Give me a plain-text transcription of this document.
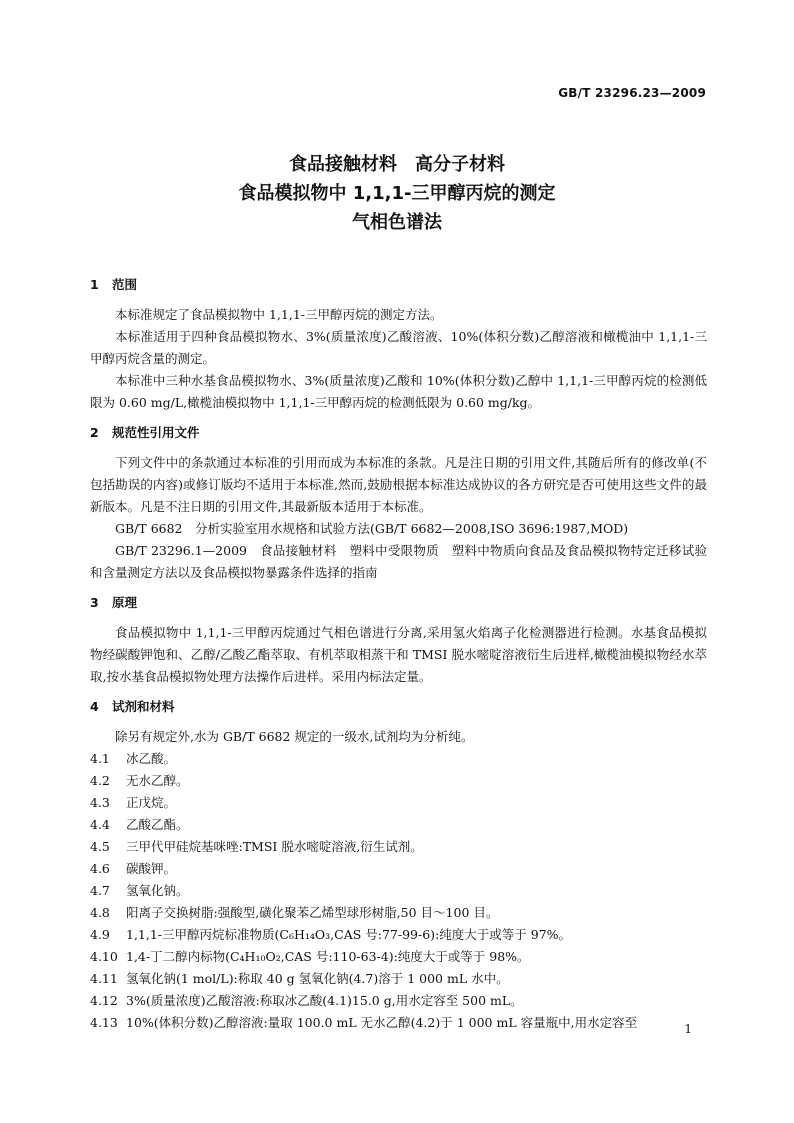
GB/T 23296.23—2009
食品接触材料　高分子材料
食品模拟物中 1,1,1-三甲醇丙烷的测定
气相色谱法
1 范围

本标准规定了食品模拟物中 1,1,1-三甲醇丙烷的测定方法。

本标准适用于四种食品模拟物水、3%(质量浓度)乙酸溶液、10%(体积分数)乙醇溶液和橄榄油中 1,1,1-三甲醇丙烷含量的测定。

本标准中三种水基食品模拟物水、3%(质量浓度)乙酸和 10%(体积分数)乙醇中 1,1,1-三甲醇丙烷的检测低限为 0.60 mg/L,橄榄油模拟物中 1,1,1-三甲醇丙烷的检测低限为 0.60 mg/kg。

2 规范性引用文件

下列文件中的条款通过本标准的引用而成为本标准的条款。凡是注日期的引用文件,其随后所有的修改单(不包括勘误的内容)或修订版均不适用于本标准,然而,鼓励根据本标准达成协议的各方研究是否可使用这些文件的最新版本。凡是不注日期的引用文件,其最新版本适用于本标准。

GB/T 6682　分析实验室用水规格和试验方法(GB/T 6682—2008,ISO 3696:1987,MOD)

GB/T 23296.1—2009　食品接触材料　塑料中受限物质　塑料中物质向食品及食品模拟物特定迁移试验和含量测定方法以及食品模拟物暴露条件选择的指南

3 原理

食品模拟物中 1,1,1-三甲醇丙烷通过气相色谱进行分离,采用氢火焰离子化检测器进行检测。水基食品模拟物经碳酸钾饱和、乙醇/乙酸乙酯萃取、有机萃取相蒸干和 TMSI 脱水嘧啶溶液衍生后进样,橄榄油模拟物经水萃取,按水基食品模拟物处理方法操作后进样。采用内标法定量。

4 试剂和材料

除另有规定外,水为 GB/T 6682 规定的一级水,试剂均为分析纯。

4.1 冰乙酸。

4.2 无水乙醇。

4.3 正戊烷。

4.4 乙酸乙酯。

4.5 三甲代甲硅烷基咪唑:TMSI 脱水嘧啶溶液,衍生试剂。

4.6 碳酸钾。

4.7 氢氧化钠。

4.8 阳离子交换树脂:强酸型,磺化聚苯乙烯型球形树脂,50 目～100 目。

4.9 1,1,1-三甲醇丙烷标准物质(C₆H₁₄O₃,CAS 号:77-99-6):纯度大于或等于 97%。

4.10 1,4-丁二醇内标物(C₄H₁₀O₂,CAS 号:110-63-4):纯度大于或等于 98%。

4.11 氢氧化钠(1 mol/L):称取 40 g 氢氧化钠(4.7)溶于 1 000 mL 水中。

4.12 3%(质量浓度)乙酸溶液:称取冰乙酸(4.1)15.0 g,用水定容至 500 mL。

4.13 10%(体积分数)乙醇溶液:量取 100.0 mL 无水乙醇(4.2)于 1 000 mL 容量瓶中,用水定容至	1
